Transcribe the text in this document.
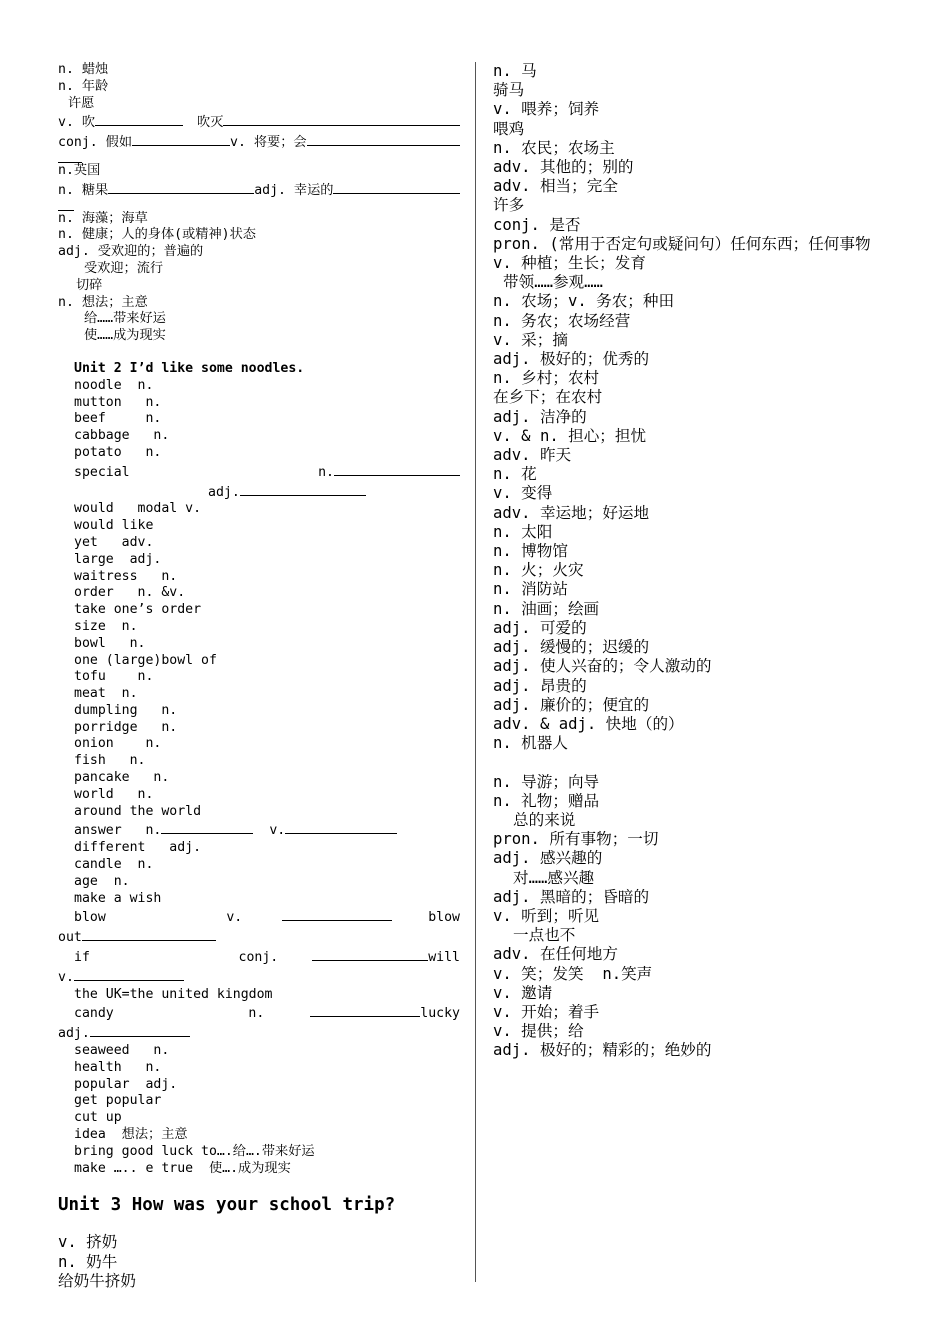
n. 蜡烛
n. 年龄
许愿
v. 吹	吹灭
conj. 假如	v. 将要；会
n.英国
n. 糖果	adj. 幸运的
n. 海藻；海草
n. 健康；人的身体(或精神)状态
adj. 受欢迎的；普遍的
受欢迎；流行
切碎
n. 想法；主意
给……带来好运
使……成为现实
Unit 2 I’d like some noodles.
noodle  n.
mutton   n.
beef     n.
cabbage   n.
potato   n.
special	n.
adj.
would   modal v.
would like
yet   adv.
large  adj.
waitress   n.
order   n. &v.
take one’s order
size  n.
bowl   n.
one (large)bowl of
tofu    n.
meat  n.
dumpling   n.
porridge   n.
onion    n.
fish   n.
pancake   n.
world   n.
around the world
answer   n.	v.
different   adj.
candle  n.
age  n.
make a wish
blow	v.	blow
out
if	conj.	will
v.
the UK=the united kingdom
candy	n.	lucky
adj.
seaweed   n.
health   n.
popular  adj.
get popular
cut up
idea  想法；主意
bring good luck to….给….带来好运
make ….. e true  使….成为现实
Unit 3 How was your school trip?
v. 挤奶
n. 奶牛
给奶牛挤奶
n. 马
骑马
v. 喂养；饲养
喂鸡
n. 农民；农场主
adv. 其他的；别的
adv. 相当；完全
许多
conj. 是否
pron. (常用于否定句或疑问句）任何东西；任何事物
v. 种植；生长；发育
带领……参观……
n. 农场；v. 务农；种田
n. 务农；农场经营
v. 采；摘
adj. 极好的；优秀的
n. 乡村；农村
在乡下；在农村
adj. 洁净的
v. & n. 担心；担忧
adv. 昨天
n. 花
v. 变得
adv. 幸运地；好运地
n. 太阳
n. 博物馆
n. 火；火灾
n. 消防站
n. 油画；绘画
adj. 可爱的
adj. 缓慢的；迟缓的
adj. 使人兴奋的；令人激动的
adj. 昂贵的
adj. 廉价的；便宜的
adv. & adj. 快地（的）
n. 机器人
n. 导游；向导
n. 礼物；赠品
总的来说
pron. 所有事物；一切
adj. 感兴趣的
对……感兴趣
adj. 黑暗的；昏暗的
v. 听到；听见
一点也不
adv. 在任何地方
v. 笑；发笑  n.笑声
v. 邀请
v. 开始；着手
v. 提供；给
adj. 极好的；精彩的；绝妙的
